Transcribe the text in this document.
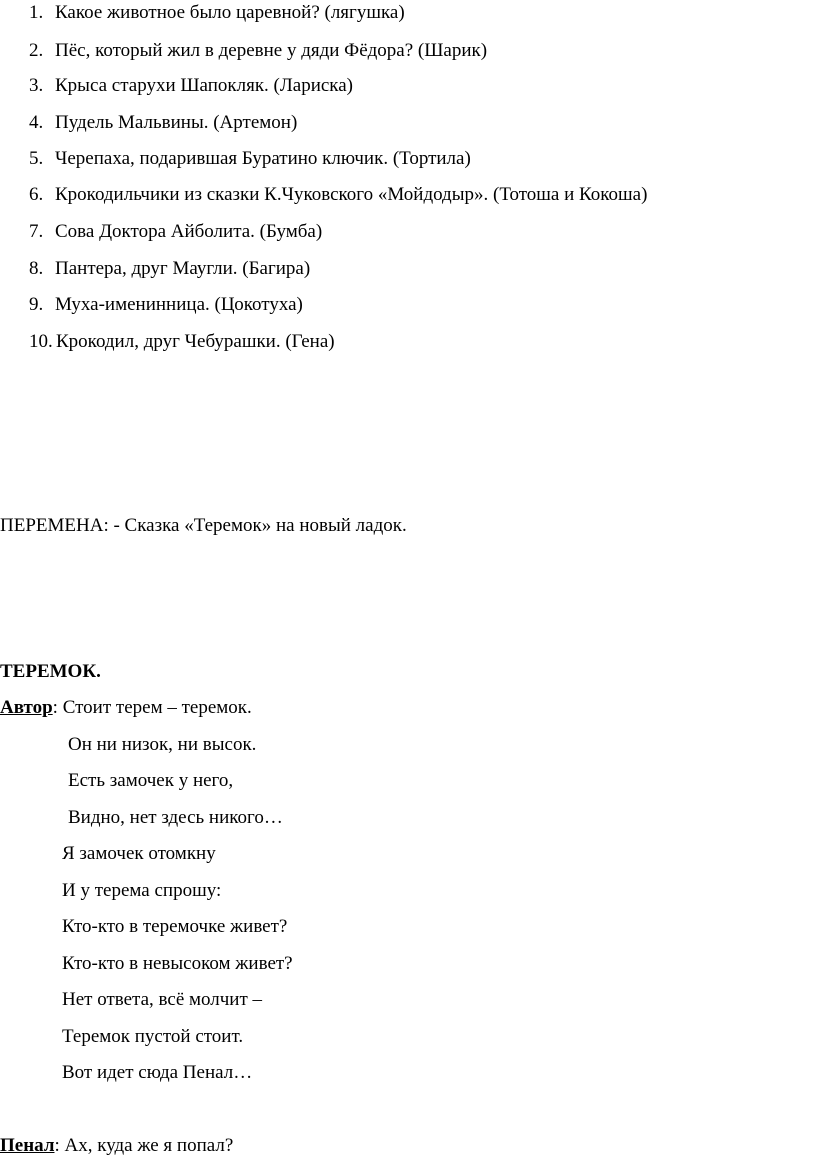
1. Какое животное было царевной? (лягушка)
2. Пёс, который жил в деревне у дяди Фёдора? (Шарик)
3. Крыса старухи Шапокляк. (Лариска)
4. Пудель Мальвины. (Артемон)
5. Черепаха, подарившая Буратино ключик. (Тортила)
6. Крокодильчики из сказки К.Чуковского «Мойдодыр». (Тотоша и Кокоша)
7. Сова Доктора Айболита. (Бумба)
8. Пантера, друг Маугли. (Багира)
9. Муха-именинница. (Цокотуха)
10. Крокодил, друг Чебурашки. (Гена)
ПЕРЕМЕНА: - Сказка «Теремок» на новый ладок.
ТЕРЕМОК.
Автор: Стоит терем – теремок.
Он ни низок, ни высок.
Есть замочек у него,
Видно, нет здесь никого…
Я замочек отомкну
И у терема спрошу:
Кто-кто в теремочке живет?
Кто-кто в невысоком живет?
Нет ответа, всё молчит –
Теремок пустой стоит.
Вот идет сюда Пенал…
Пенал: Ах, куда же я попал?
